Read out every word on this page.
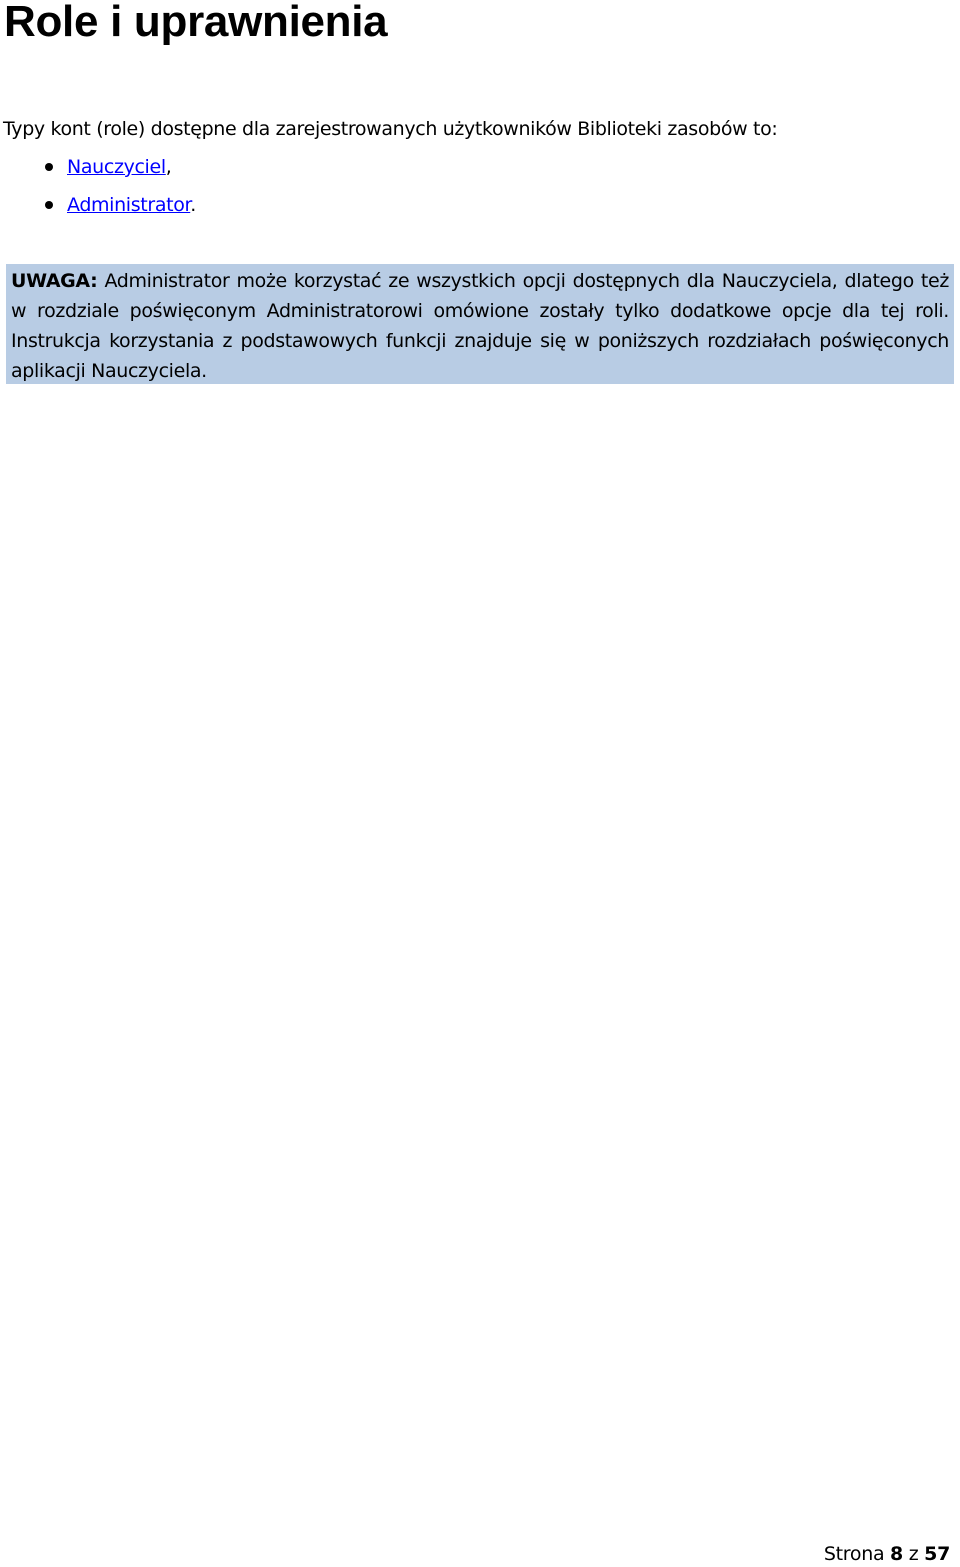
Role i uprawnienia

Typy kont (role) dostępne dla zarejestrowanych użytkowników Biblioteki zasobów to:

Nauczyciel,
Administrator.
UWAGA: Administrator może korzystać ze wszystkich opcji dostępnych dla Nauczyciela, dlatego też w rozdziale poświęconym Administratorowi omówione zostały tylko dodatkowe opcje dla tej roli. Instrukcja korzystania z podstawowych funkcji znajduje się w poniższych rozdziałach poświęconych aplikacji Nauczyciela.
Strona 8 z 57
